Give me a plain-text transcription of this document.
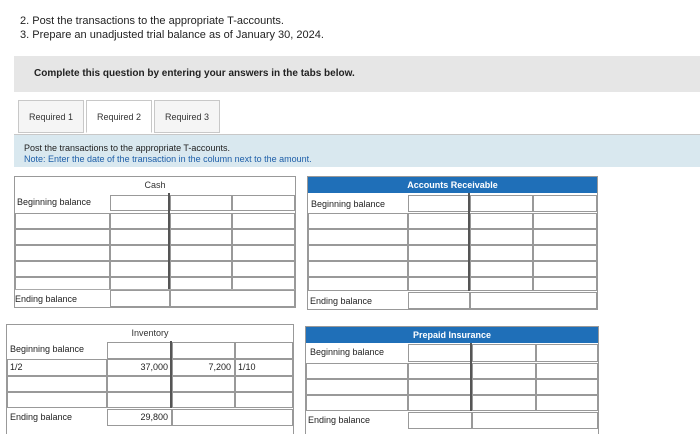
2. Post the transactions to the appropriate T-accounts.
3. Prepare an unadjusted trial balance as of January 30, 2024.
Complete this question by entering your answers in the tabs below.
Required 1	Required 2	Required 3
Post the transactions to the appropriate T-accounts.
Note: Enter the date of the transaction in the column next to the amount.
Cash
Beginning balance
Ending balance
Accounts Receivable
Beginning balance
Ending balance
Inventory
Beginning balance
1/2	37,000	7,200 1/10
Ending balance	29,800
Prepaid Insurance
Beginning balance
Ending balance
